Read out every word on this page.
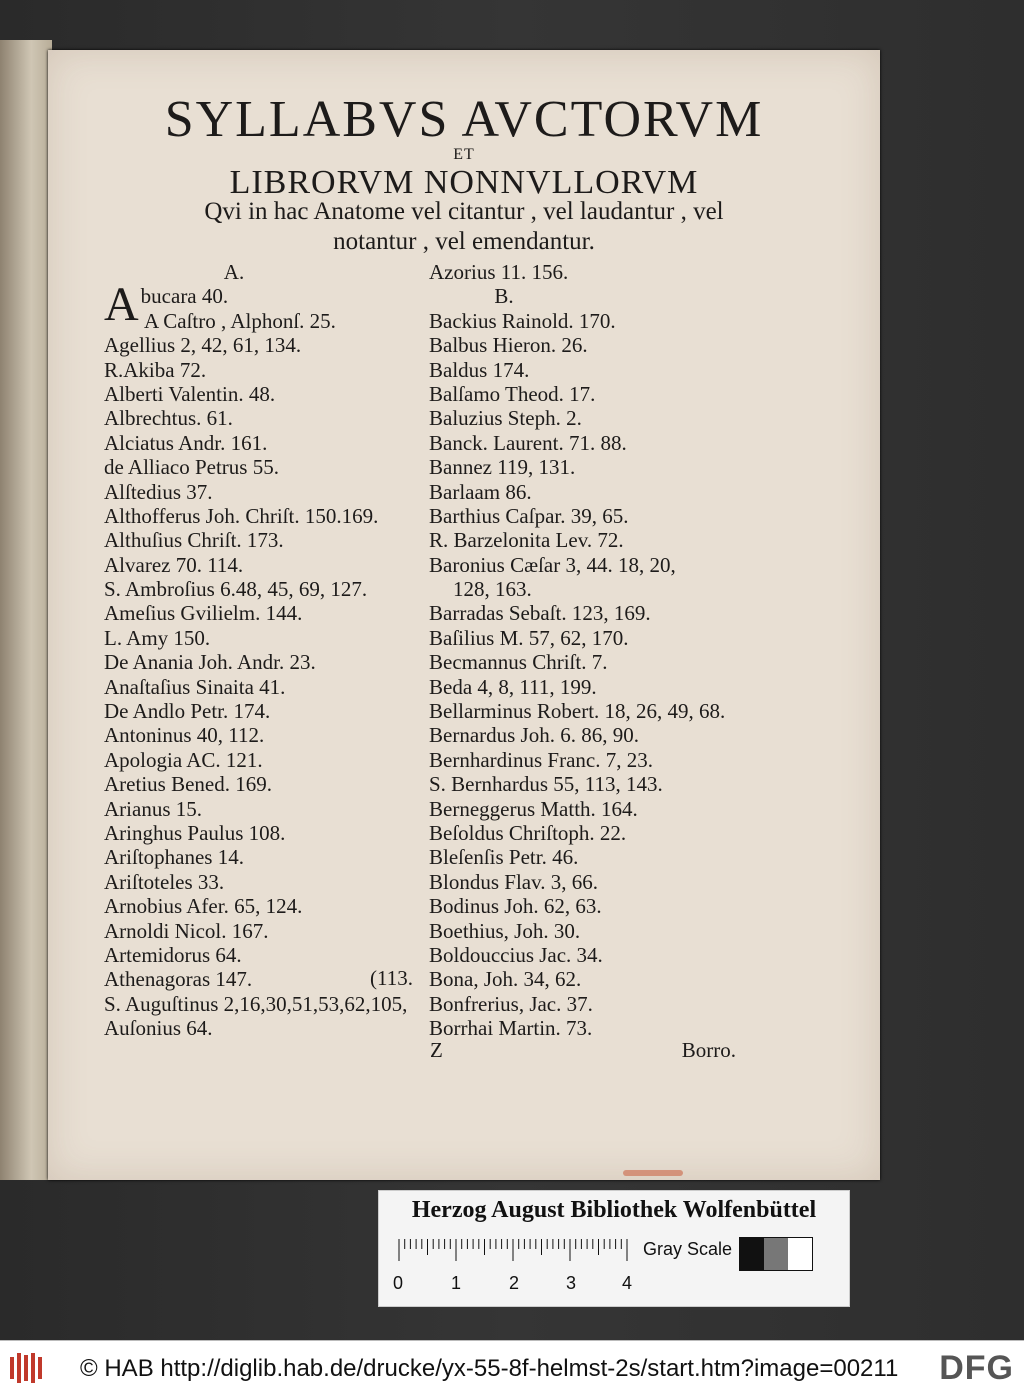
SYLLABVS AVCTORVM
ET
LIBRORVM NONNVLLORVM
Qvi in hac Anatome vel citantur , vel laudantur , vel
notantur , vel emendantur.
A.
A bucara 40.
A Caſtro , Alphonſ. 25.
Agellius 2, 42, 61, 134.
R.Akiba 72.
Alberti Valentin. 48.
Albrechtus. 61.
Alciatus Andr. 161.
de Alliaco Petrus 55.
Alſtedius 37.
Althofferus Joh. Chriſt. 150.169.
Althuſius Chriſt. 173.
Alvarez 70. 114.
S. Ambroſius 6.48, 45, 69, 127.
Ameſius Gvilielm. 144.
L. Amy 150.
De Anania Joh. Andr. 23.
Anaſtaſius Sinaita 41.
De Andlo Petr. 174.
Antoninus 40, 112.
Apologia AC. 121.
Aretius Bened. 169.
Arianus 15.
Aringhus Paulus 108.
Ariſtophanes 14.
Ariſtoteles 33.
Arnobius Afer. 65, 124.
Arnoldi Nicol. 167.
Artemidorus 64.
Athenagoras 147.
S. Auguſtinus 2,16,30,51,53,62,105,
Auſonius 64.
Azorius 11. 156.
B.
Backius Rainold. 170.
Balbus Hieron. 26.
Baldus 174.
Balſamo Theod. 17.
Baluzius Steph. 2.
Banck. Laurent. 71. 88.
Bannez 119, 131.
Barlaam 86.
Barthius Caſpar. 39, 65.
R. Barzelonita Lev. 72.
Baronius Cæſar 3, 44. 18, 20,
128, 163.
Barradas Sebaſt. 123, 169.
Baſilius M. 57, 62, 170.
Becmannus Chriſt. 7.
Beda 4, 8, 111, 199.
Bellarminus Robert. 18, 26, 49, 68.
Bernardus Joh. 6. 86, 90.
Bernhardinus Franc. 7, 23.
S. Bernhardus 55, 113, 143.
Berneggerus Matth. 164.
Beſoldus Chriſtoph. 22.
Bleſenſis Petr. 46.
Blondus Flav. 3, 66.
Bodinus Joh. 62, 63.
Boethius, Joh. 30.
Boldouccius Jac. 34.
Bona, Joh. 34, 62.
Bonfrerius, Jac. 37.
Borrhai Martin. 73.
(113.
Z	Borro.
Herzog August Bibliothek Wolfenbüttel
0	1	2	3	4
Gray Scale
© HAB http://diglib.hab.de/drucke/yx-55-8f-helmst-2s/start.htm?image=00211 DFG
